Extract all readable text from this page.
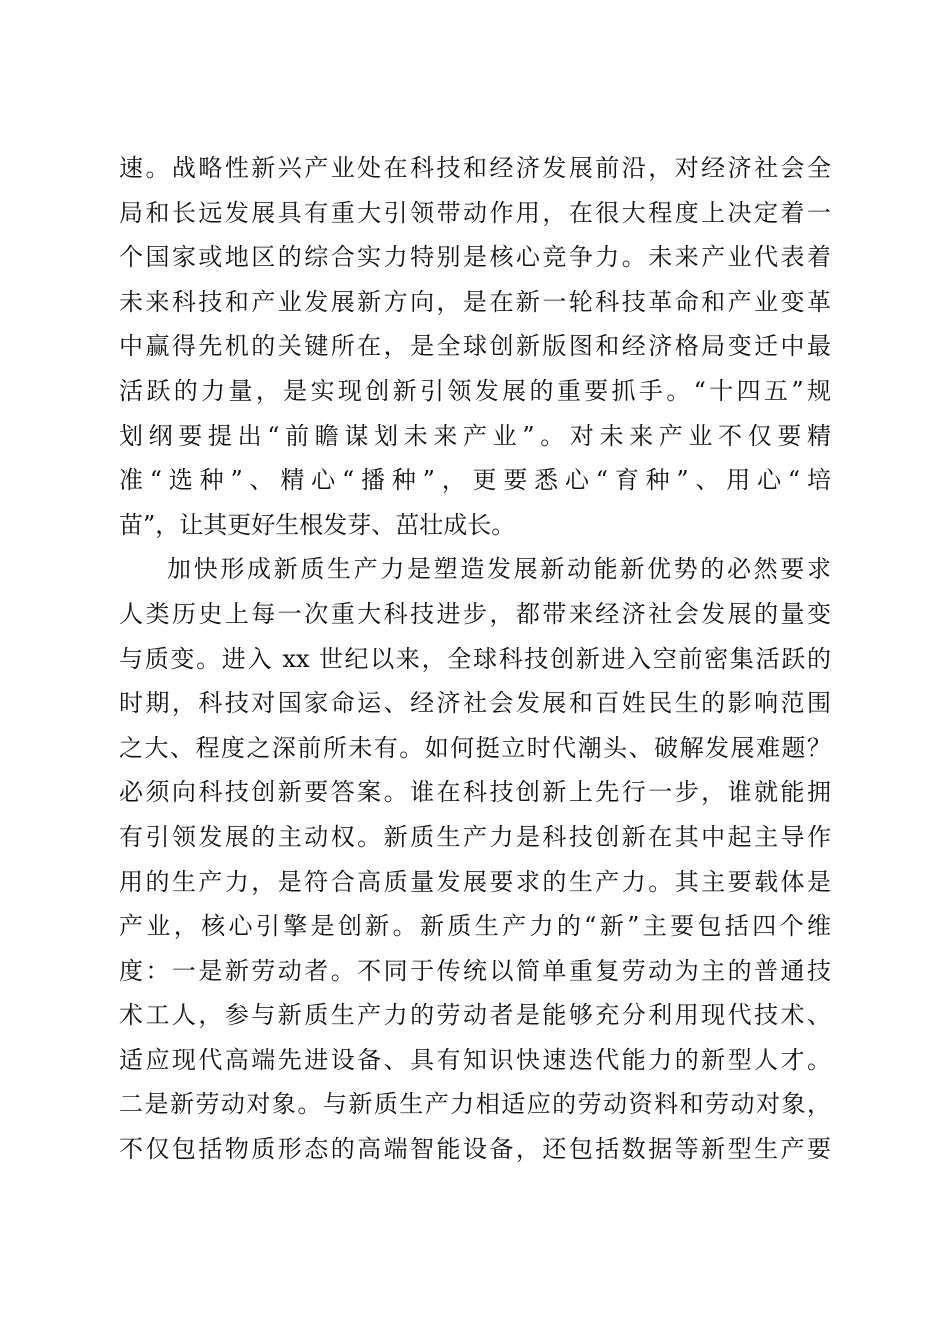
速。战略性新兴产业处在科技和经济发展前沿，对经济社会全
局和长远发展具有重大引领带动作用，在很大程度上决定着一
个国家或地区的综合实力特别是核心竞争力。未来产业代表着
未来科技和产业发展新方向，是在新一轮科技革命和产业变革
中赢得先机的关键所在，是全球创新版图和经济格局变迁中最
活跃的力量，是实现创新引领发展的重要抓手。“十四五”规
划纲要提出“前瞻谋划未来产业”。对未来产业不仅要精
准“选种”、精心“播种”，更要悉心“育种”、用心“培
苗”，让其更好生根发芽、茁壮成长。
加快形成新质生产力是塑造发展新动能新优势的必然要求
人类历史上每一次重大科技进步，都带来经济社会发展的量变
与质变。进入 xx 世纪以来，全球科技创新进入空前密集活跃的
时期，科技对国家命运、经济社会发展和百姓民生的影响范围
之大、程度之深前所未有。如何挺立时代潮头、破解发展难题？
必须向科技创新要答案。谁在科技创新上先行一步，谁就能拥
有引领发展的主动权。新质生产力是科技创新在其中起主导作
用的生产力，是符合高质量发展要求的生产力。其主要载体是
产业，核心引擎是创新。新质生产力的“新”主要包括四个维
度：一是新劳动者。不同于传统以简单重复劳动为主的普通技
术工人，参与新质生产力的劳动者是能够充分利用现代技术、
适应现代高端先进设备、具有知识快速迭代能力的新型人才。
二是新劳动对象。与新质生产力相适应的劳动资料和劳动对象，
不仅包括物质形态的高端智能设备，还包括数据等新型生产要
